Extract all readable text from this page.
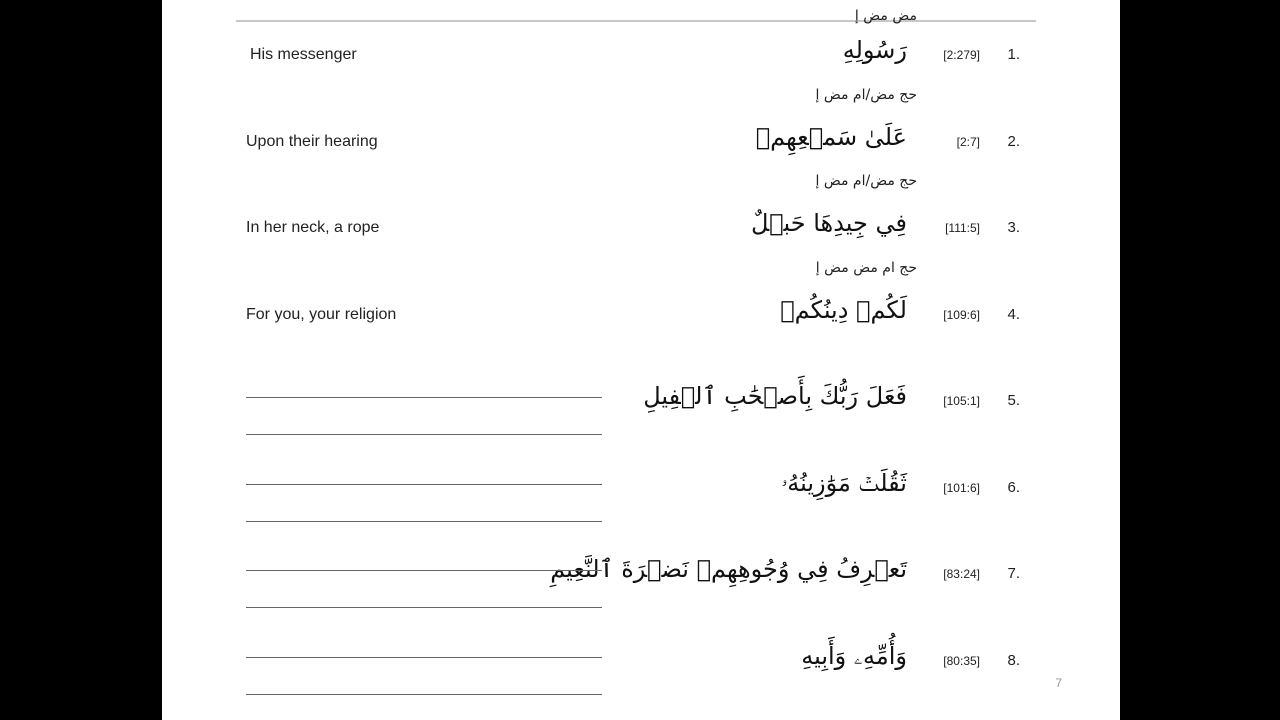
1.
[2:279]
مض مض إ
رَسُولِهِ
His messenger
2.
[2:7]
حج مض/ام مض إ
عَلَىٰ سَمۡعِهِمۡ
Upon their hearing
3.
[111:5]
حج مض/ام مض إ
فِي جِيدِهَا حَبۡلٌ
In her neck, a rope
4.
[109:6]
حج ام مض مض إ
لَكُمۡ دِينُكُمۡ
For you, your religion
5.
[105:1]
فَعَلَ رَبُّكَ بِأَصۡحَٰبِ ٱلۡفِيلِ
6.
[101:6]
ثَقُلَتۡ مَوَٰزِينُهُۥ
7.
[83:24]
تَعۡرِفُ فِي وُجُوهِهِمۡ نَضۡرَةَ ٱلنَّعِيمِ
8.
[80:35]
وَأُمِّهِۦ وَأَبِيهِ
7
